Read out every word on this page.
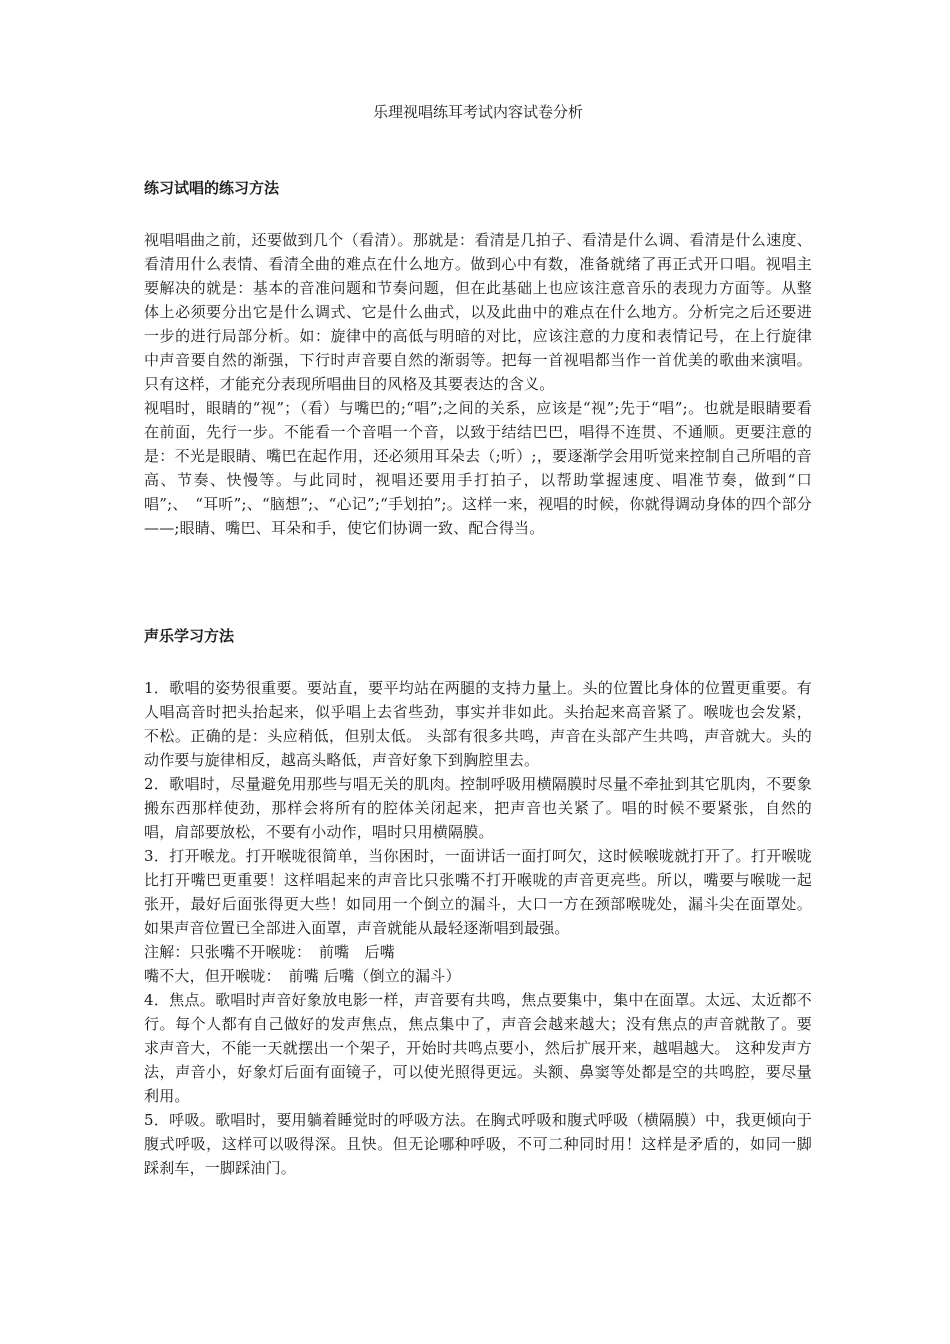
乐理视唱练耳考试内容试卷分析
练习试唱的练习方法

视唱唱曲之前，还要做到几个（看清）。那就是：看清是几拍子、看清是什么调、看清是什么速度、看清用什么表情、看清全曲的难点在什么地方。做到心中有数，准备就绪了再正式开口唱。视唱主要解决的就是：基本的音准问题和节奏问题，但在此基础上也应该注意音乐的表现力方面等。从整体上必须要分出它是什么调式、它是什么曲式，以及此曲中的难点在什么地方。分析完之后还要进一步的进行局部分析。如：旋律中的高低与明暗的对比，应该注意的力度和表情记号，在上行旋律中声音要自然的渐强，下行时声音要自然的渐弱等。把每一首视唱都当作一首优美的歌曲来演唱。只有这样，才能充分表现所唱曲目的风格及其要表达的含义。

视唱时，眼睛的“视”；（看）与嘴巴的;“唱”;之间的关系，应该是“视”;先于“唱”;。也就是眼睛要看在前面，先行一步。不能看一个音唱一个音，以致于结结巴巴，唱得不连贯、不通顺。更要注意的是：不光是眼睛、嘴巴在起作用，还必须用耳朵去（;听）;，要逐渐学会用听觉来控制自己所唱的音高、节奏、快慢等。与此同时，视唱还要用手打拍子，以帮助掌握速度、唱准节奏，做到“口唱”;、　“耳听”;、“脑想”;、“心记”;“手划拍”;。这样一来，视唱的时候，你就得调动身体的四个部分——;眼睛、嘴巴、耳朵和手，使它们协调一致、配合得当。

声乐学习方法

1．歌唱的姿势很重要。要站直，要平均站在两腿的支持力量上。头的位置比身体的位置更重要。有人唱高音时把头抬起来，似乎唱上去省些劲，事实并非如此。头抬起来高音紧了。喉咙也会发紧，不松。正确的是：头应稍低，但别太低。 头部有很多共鸣，声音在头部产生共鸣，声音就大。头的动作要与旋律相反，越高头略低，声音好象下到胸腔里去。

2．歌唱时，尽量避免用那些与唱无关的肌肉。控制呼吸用横隔膜时尽量不牵扯到其它肌肉，不要象搬东西那样使劲，那样会将所有的腔体关闭起来，把声音也关紧了。唱的时候不要紧张，自然的唱，肩部要放松，不要有小动作，唱时只用横隔膜。

3．打开喉龙。打开喉咙很简单，当你困时，一面讲话一面打呵欠，这时候喉咙就打开了。打开喉咙比打开嘴巴更重要！这样唱起来的声音比只张嘴不打开喉咙的声音更亮些。所以，嘴要与喉咙一起张开，最好后面张得更大些！如同用一个倒立的漏斗，大口一方在颈部喉咙处，漏斗尖在面罩处。如果声音位置已全部进入面罩，声音就能从最轻逐渐唱到最强。

注解：只张嘴不开喉咙：　前嘴　后嘴

嘴不大，但开喉咙：　前嘴 后嘴（倒立的漏斗）

4．焦点。歌唱时声音好象放电影一样，声音要有共鸣，焦点要集中，集中在面罩。太远、太近都不行。每个人都有自己做好的发声焦点，焦点集中了，声音会越来越大；没有焦点的声音就散了。要求声音大，不能一天就摆出一个架子，开始时共鸣点要小，然后扩展开来，越唱越大。 这种发声方法，声音小，好象灯后面有面镜子，可以使光照得更远。头额、鼻窦等处都是空的共鸣腔，要尽量利用。

5．呼吸。歌唱时，要用躺着睡觉时的呼吸方法。在胸式呼吸和腹式呼吸（横隔膜）中，我更倾向于腹式呼吸，这样可以吸得深。且快。但无论哪种呼吸，不可二种同时用！这样是矛盾的，如同一脚踩刹车，一脚踩油门。
